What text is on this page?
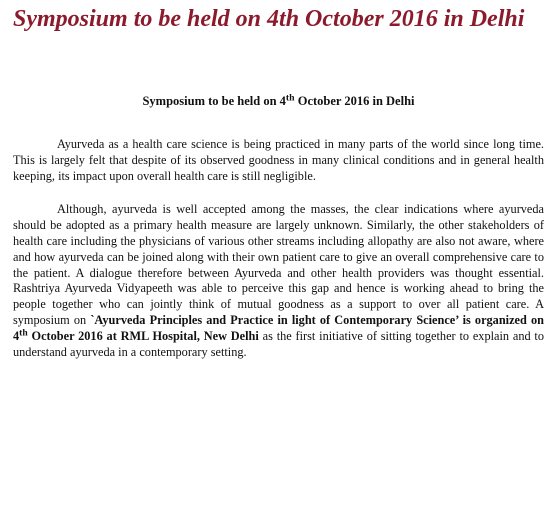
Symposium to be held on 4th October 2016 in Delhi

Symposium to be held on 4th October 2016 in Delhi

Ayurveda as a health care science is being practiced in many parts of the world since long time. This is largely felt that despite of its observed goodness in many clinical conditions and in general health keeping, its impact upon overall health care is still negligible.

Although, ayurveda is well accepted among the masses, the clear indications where ayurveda should be adopted as a primary health measure are largely unknown. Similarly, the other stakeholders of health care including the physicians of various other streams including allopathy are also not aware, where and how ayurveda can be joined along with their own patient care to give an overall comprehensive care to the patient. A dialogue therefore between Ayurveda and other health providers was thought essential. Rashtriya Ayurveda Vidyapeeth was able to perceive this gap and hence is working ahead to bring the people together who can jointly think of mutual goodness as a support to over all patient care. A symposium on `Ayurveda Principles and Practice in light of Contemporary Science’ is organized on 4th October 2016 at RML Hospital, New Delhi as the first initiative of sitting together to explain and to understand ayurveda in a contemporary setting.
